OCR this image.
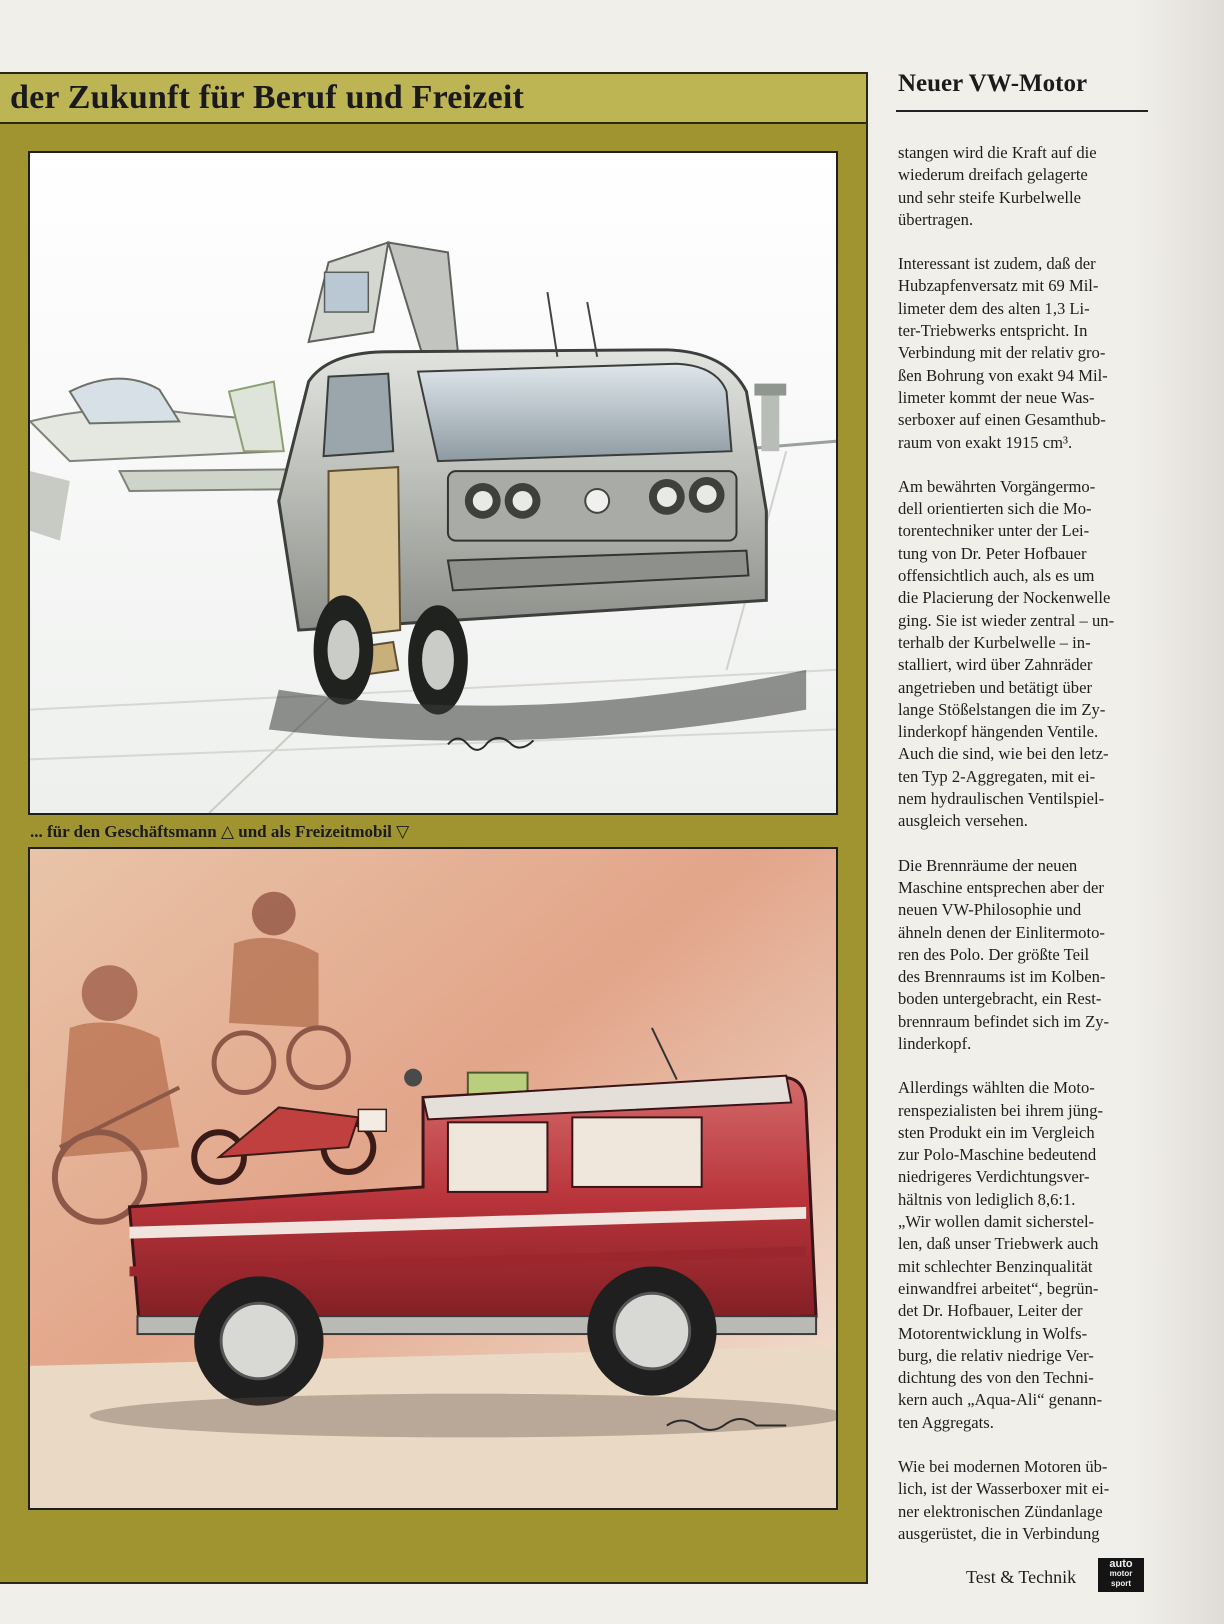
der Zukunft für Beruf und Freizeit
... für den Geschäftsmann △ und als Freizeitmobil ▽
Neuer VW-Motor

stangen wird die Kraft auf die
wiederum dreifach gelagerte
und sehr steife Kurbelwelle
übertragen.

Interessant ist zudem, daß der
Hubzapfenversatz mit 69 Mil-
limeter dem des alten 1,3 Li-
ter-Triebwerks entspricht. In
Verbindung mit der relativ gro-
ßen Bohrung von exakt 94 Mil-
limeter kommt der neue Was-
serboxer auf einen Gesamthub-
raum von exakt 1915 cm³.

Am bewährten Vorgängermo-
dell orientierten sich die Mo-
torentechniker unter der Lei-
tung von Dr. Peter Hofbauer
offensichtlich auch, als es um
die Placierung der Nockenwelle
ging. Sie ist wieder zentral – un-
terhalb der Kurbelwelle – in-
stalliert, wird über Zahnräder
angetrieben und betätigt über
lange Stößelstangen die im Zy-
linderkopf hängenden Ventile.
Auch die sind, wie bei den letz-
ten Typ 2-Aggregaten, mit ei-
nem hydraulischen Ventilspiel-
ausgleich versehen.

Die Brennräume der neuen
Maschine entsprechen aber der
neuen VW-Philosophie und
ähneln denen der Einlitermoto-
ren des Polo. Der größte Teil
des Brennraums ist im Kolben-
boden untergebracht, ein Rest-
brennraum befindet sich im Zy-
linderkopf.

Allerdings wählten die Moto-
renspezialisten bei ihrem jüng-
sten Produkt ein im Vergleich
zur Polo-Maschine bedeutend
niedrigeres Verdichtungsver-
hältnis von lediglich 8,6:1.
„Wir wollen damit sicherstel-
len, daß unser Triebwerk auch
mit schlechter Benzinqualität
einwandfrei arbeitet“, begrün-
det Dr. Hofbauer, Leiter der
Motorentwicklung in Wolfs-
burg, die relativ niedrige Ver-
dichtung des von den Techni-
kern auch „Aqua-Ali“ genann-
ten Aggregats.

Wie bei modernen Motoren üb-
lich, ist der Wasserboxer mit ei-
ner elektronischen Zündanlage
ausgerüstet, die in Verbindung

Test & Technik
auto
motor
sport
